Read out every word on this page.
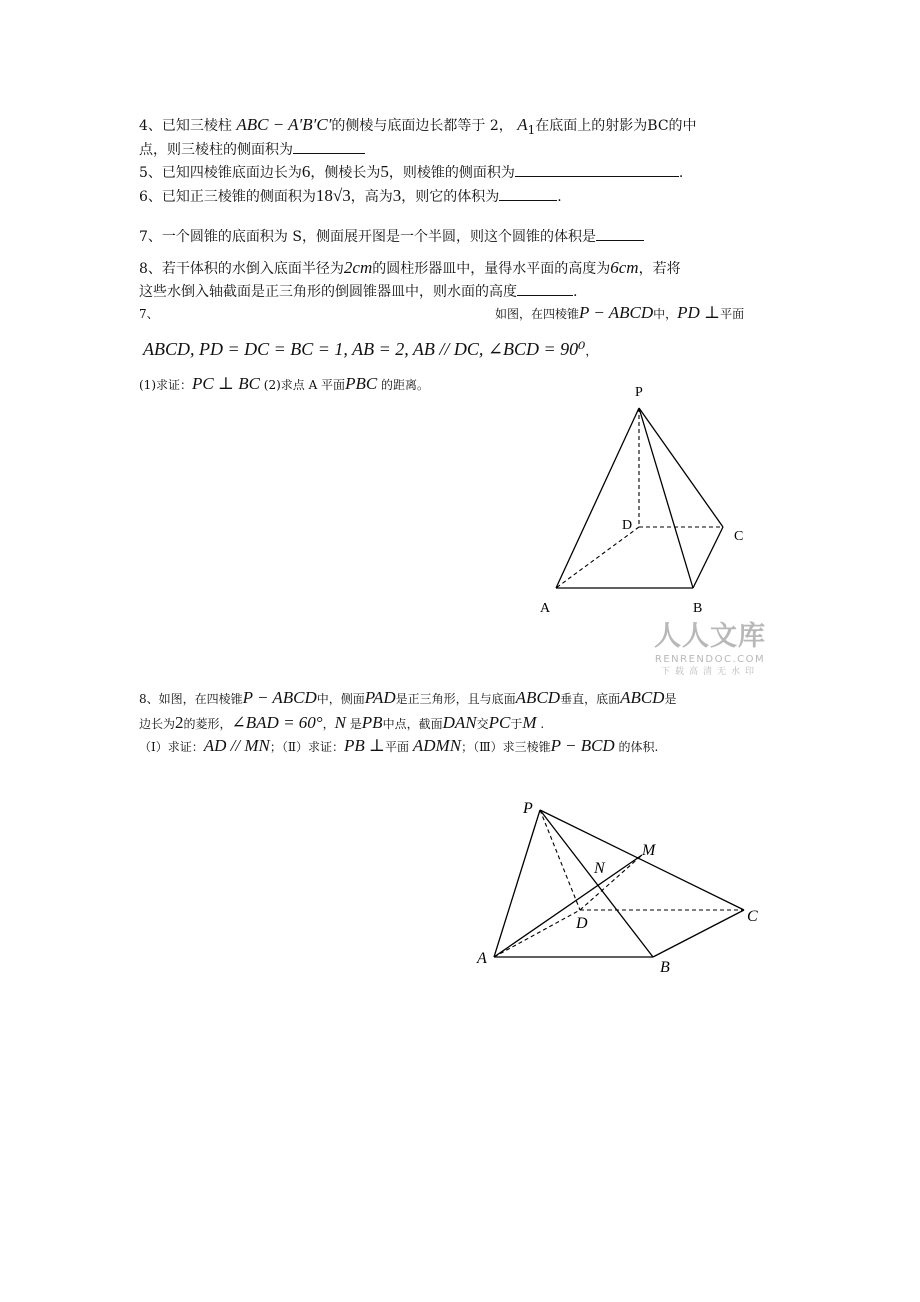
4、已知三棱柱 ABC − A′B′C′的侧棱与底面边长都等于 2， $A_1$在底面上的射影为BC的中
点，则三棱柱的侧面积为
5、已知四棱锥底面边长为6，侧棱长为5，则棱锥的侧面积为	.
6、已知正三棱锥的侧面积为18√3，高为3，则它的体积为	.
7、一个圆锥的底面积为 S，侧面展开图是一个半圆，则这个圆锥的体积是
8、若干体积的水倒入底面半径为2cm的圆柱形器皿中，量得水平面的高度为6cm，若将
这些水倒入轴截面是正三角形的倒圆锥器皿中，则水面的高度	.
7、	如图，在四棱锥P − ABCD中，PD ⊥平面
ABCD, PD = DC = BC = 1, AB = 2, AB // DC, ∠BCD = 90⁰，
(1)求证：PC ⊥ BC (2)求点 A 平面PBC 的距离。	P
D
C
A	B
人人文库
RENRENDOC.COM
下载高清无水印
8、如图，在四棱锥P − ABCD中，侧面PAD是正三角形，且与底面ABCD垂直，底面ABCD是
边长为2的菱形，∠BAD = 60°，N 是PB中点，截面DAN交PC于M .
（Ⅰ）求证：AD // MN；（Ⅱ）求证：PB ⊥平面 ADMN；（Ⅲ）求三棱锥P − BCD 的体积.
P
M
N
D	C
A
B
